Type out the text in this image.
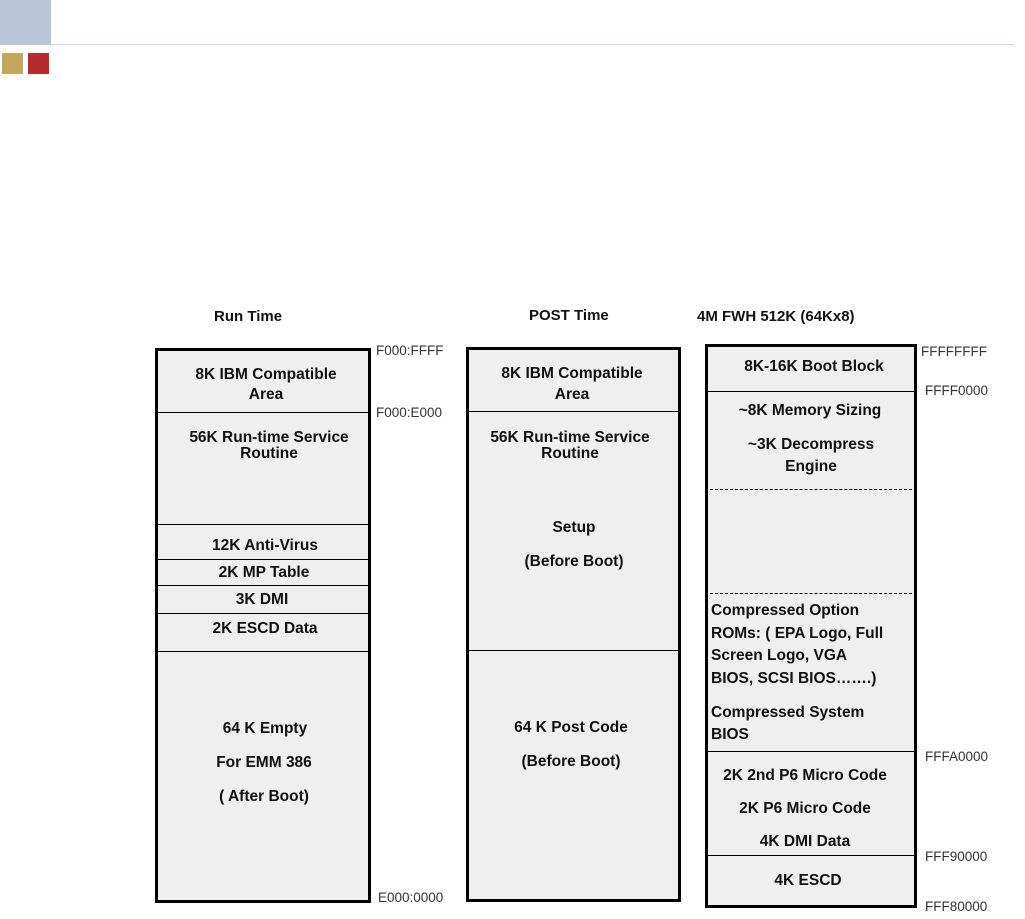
Run Time	POST Time	4M FWH 512K (64Kx8)
8K IBM Compatible
Area
56K Run-time Service
Routine
12K Anti-Virus
2K MP Table
3K DMI
2K ESCD Data
64 K Empty
For EMM 386
( After Boot)
F000:FFFF
F000:E000
E000:0000
8K IBM Compatible
Area
56K Run-time Service
Routine
Setup
(Before Boot)
64 K Post Code
(Before Boot)
8K-16K Boot Block
~8K Memory Sizing
~3K Decompress
Engine
Compressed Option
ROMs: ( EPA Logo, Full
Screen Logo, VGA
BIOS, SCSI BIOS…….)
Compressed System
BIOS
2K 2nd P6 Micro Code
2K P6 Micro Code
4K DMI Data
4K ESCD
FFFFFFFF
FFFF0000
FFFA0000
FFF90000
FFF80000
